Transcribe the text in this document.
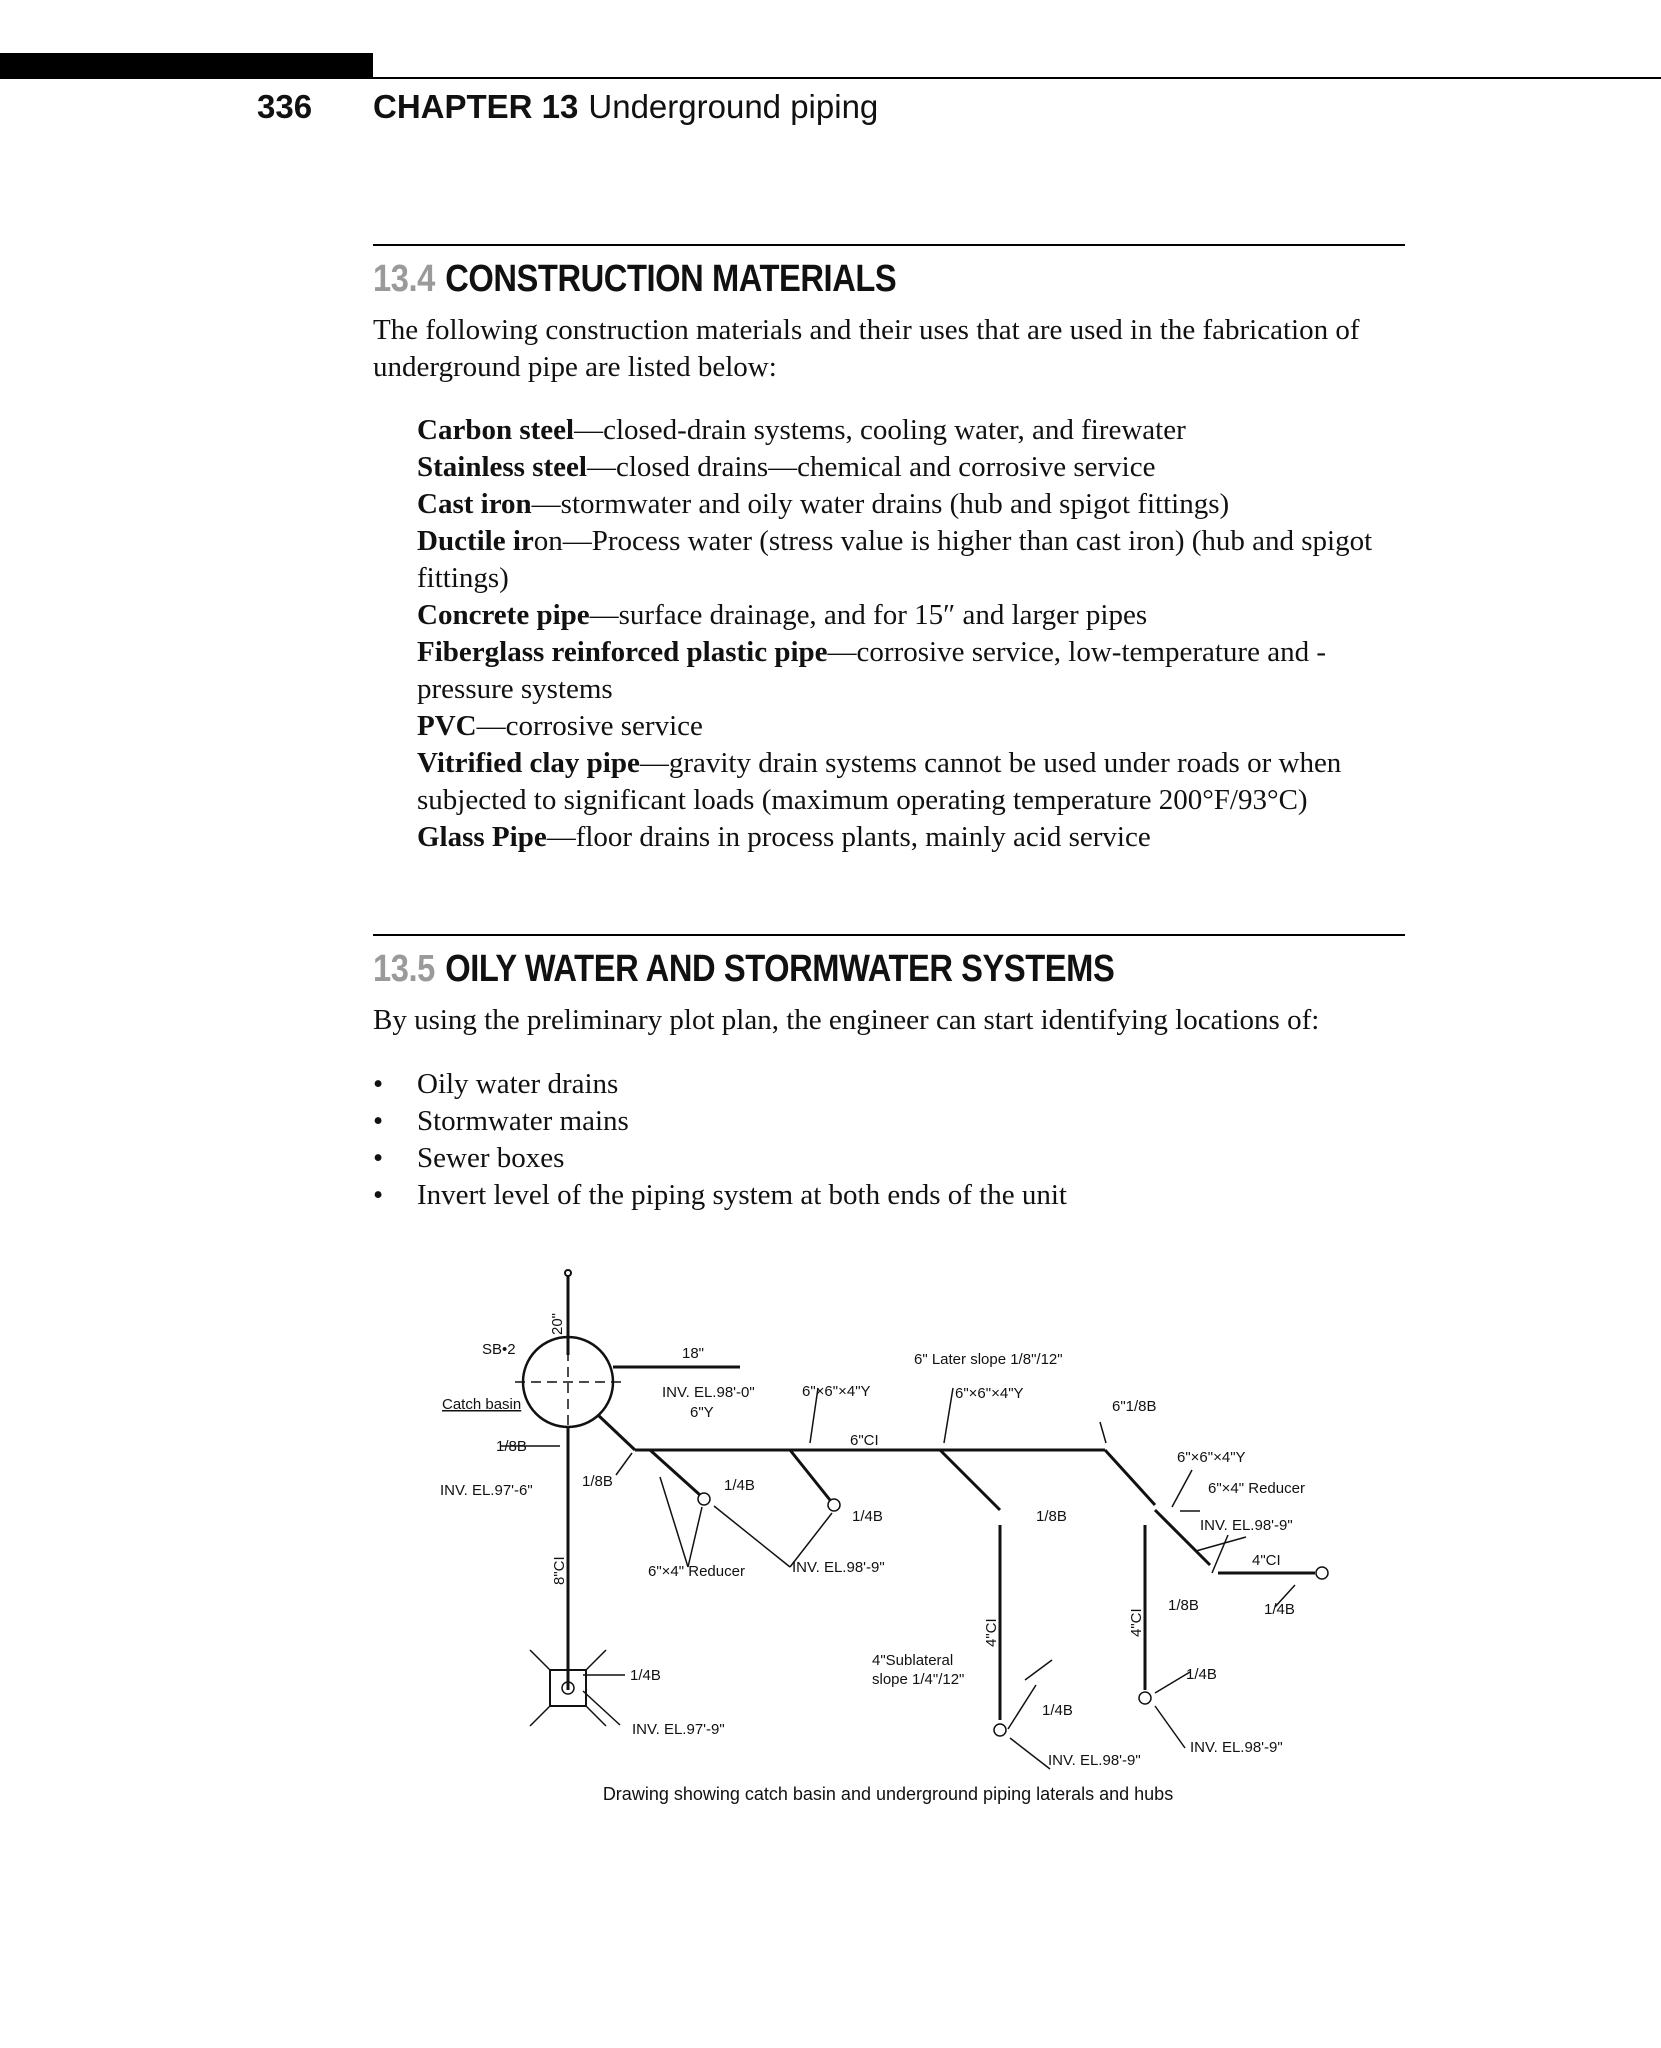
336 CHAPTER 13 Underground piping
13.4 CONSTRUCTION MATERIALS
The following construction materials and their uses that are used in the fabrication of underground pipe are listed below:
Carbon steel—closed-drain systems, cooling water, and firewater
Stainless steel—closed drains—chemical and corrosive service
Cast iron—stormwater and oily water drains (hub and spigot fittings)
Ductile iron—Process water (stress value is higher than cast iron) (hub and spigot fittings)
Concrete pipe—surface drainage, and for 15″ and larger pipes
Fiberglass reinforced plastic pipe—corrosive service, low-temperature and -pressure systems
PVC—corrosive service
Vitrified clay pipe—gravity drain systems cannot be used under roads or when subjected to significant loads (maximum operating temperature 200°F/93°C)
Glass Pipe—floor drains in process plants, mainly acid service
13.5 OILY WATER AND STORMWATER SYSTEMS
By using the preliminary plot plan, the engineer can start identifying locations of:
• Oily water drains
• Stormwater mains
• Sewer boxes
• Invert level of the piping system at both ends of the unit
20"
SB•2
Catch basin
1/8B
INV. EL.97'-6"
1/8B
18"
INV. EL.98'-0"
6"Y
6"×6"×4"Y
6" Later slope 1/8"/12"
6"×6"×4"Y
6"1/8B
6"CI
6"×6"×4"Y
6"×4" Reducer
1/4B
1/4B	1/8B
INV. EL.98'-9"
4"CI
8"CI	6"×4" Reducer	INV. EL.98'-9"
4"CI	4"CI
1/8B	1/4B
1/4B
4"Sublateral
slope 1/4"/12"	1/4B
INV. EL.97'-9"
1/4B
INV. EL.98'-9"
INV. EL.98'-9"
Drawing showing catch basin and underground piping laterals and hubs
